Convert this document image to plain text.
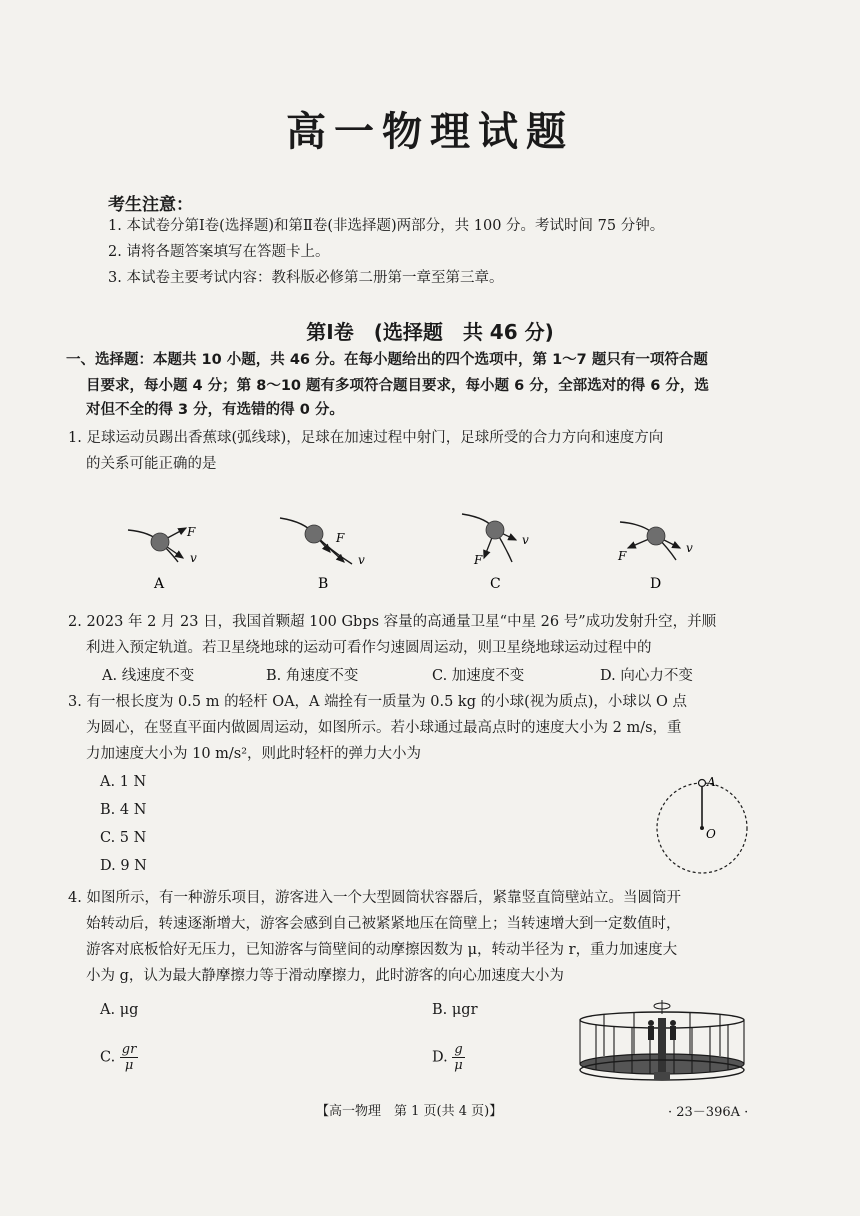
高一物理试题
考生注意：
1. 本试卷分第Ⅰ卷(选择题)和第Ⅱ卷(非选择题)两部分，共 100 分。考试时间 75 分钟。
2. 请将各题答案填写在答题卡上。
3. 本试卷主要考试内容：教科版必修第二册第一章至第三章。
第Ⅰ卷　(选择题　共 46 分)
一、选择题：本题共 10 小题，共 46 分。在每小题给出的四个选项中，第 1～7 题只有一项符合题
目要求，每小题 4 分；第 8～10 题有多项符合题目要求，每小题 6 分，全部选对的得 6 分，选
对但不全的得 3 分，有选错的得 0 分。
1. 足球运动员踢出香蕉球(弧线球)，足球在加速过程中射门，足球所受的合力方向和速度方向
的关系可能正确的是
F
v
A
F
v
B
v
F
C
v
F
D
2. 2023 年 2 月 23 日，我国首颗超 100 Gbps 容量的高通量卫星“中星 26 号”成功发射升空，并顺
利进入预定轨道。若卫星绕地球的运动可看作匀速圆周运动，则卫星绕地球运动过程中的
A. 线速度不变	B. 角速度不变	C. 加速度不变	D. 向心力不变
3. 有一根长度为 0.5 m 的轻杆 OA，A 端拴有一质量为 0.5 kg 的小球(视为质点)，小球以 O 点
为圆心，在竖直平面内做圆周运动，如图所示。若小球通过最高点时的速度大小为 2 m/s，重
力加速度大小为 10 m/s²，则此时轻杆的弹力大小为
A. 1 N
B. 4 N
C. 5 N
D. 9 N
A
O
4. 如图所示，有一种游乐项目，游客进入一个大型圆筒状容器后，紧靠竖直筒壁站立。当圆筒开
始转动后，转速逐渐增大，游客会感到自己被紧紧地压在筒壁上；当转速增大到一定数值时，
游客对底板恰好无压力，已知游客与筒壁间的动摩擦因数为 μ，转动半径为 r，重力加速度大
小为 g，认为最大静摩擦力等于滑动摩擦力，此时游客的向心加速度大小为
A. μg	B. μgr
C. $\frac{gr}{\mu}$	D. $\frac{g}{\mu}$
【高一物理　第 1 页(共 4 页)】	· 23－396A ·
